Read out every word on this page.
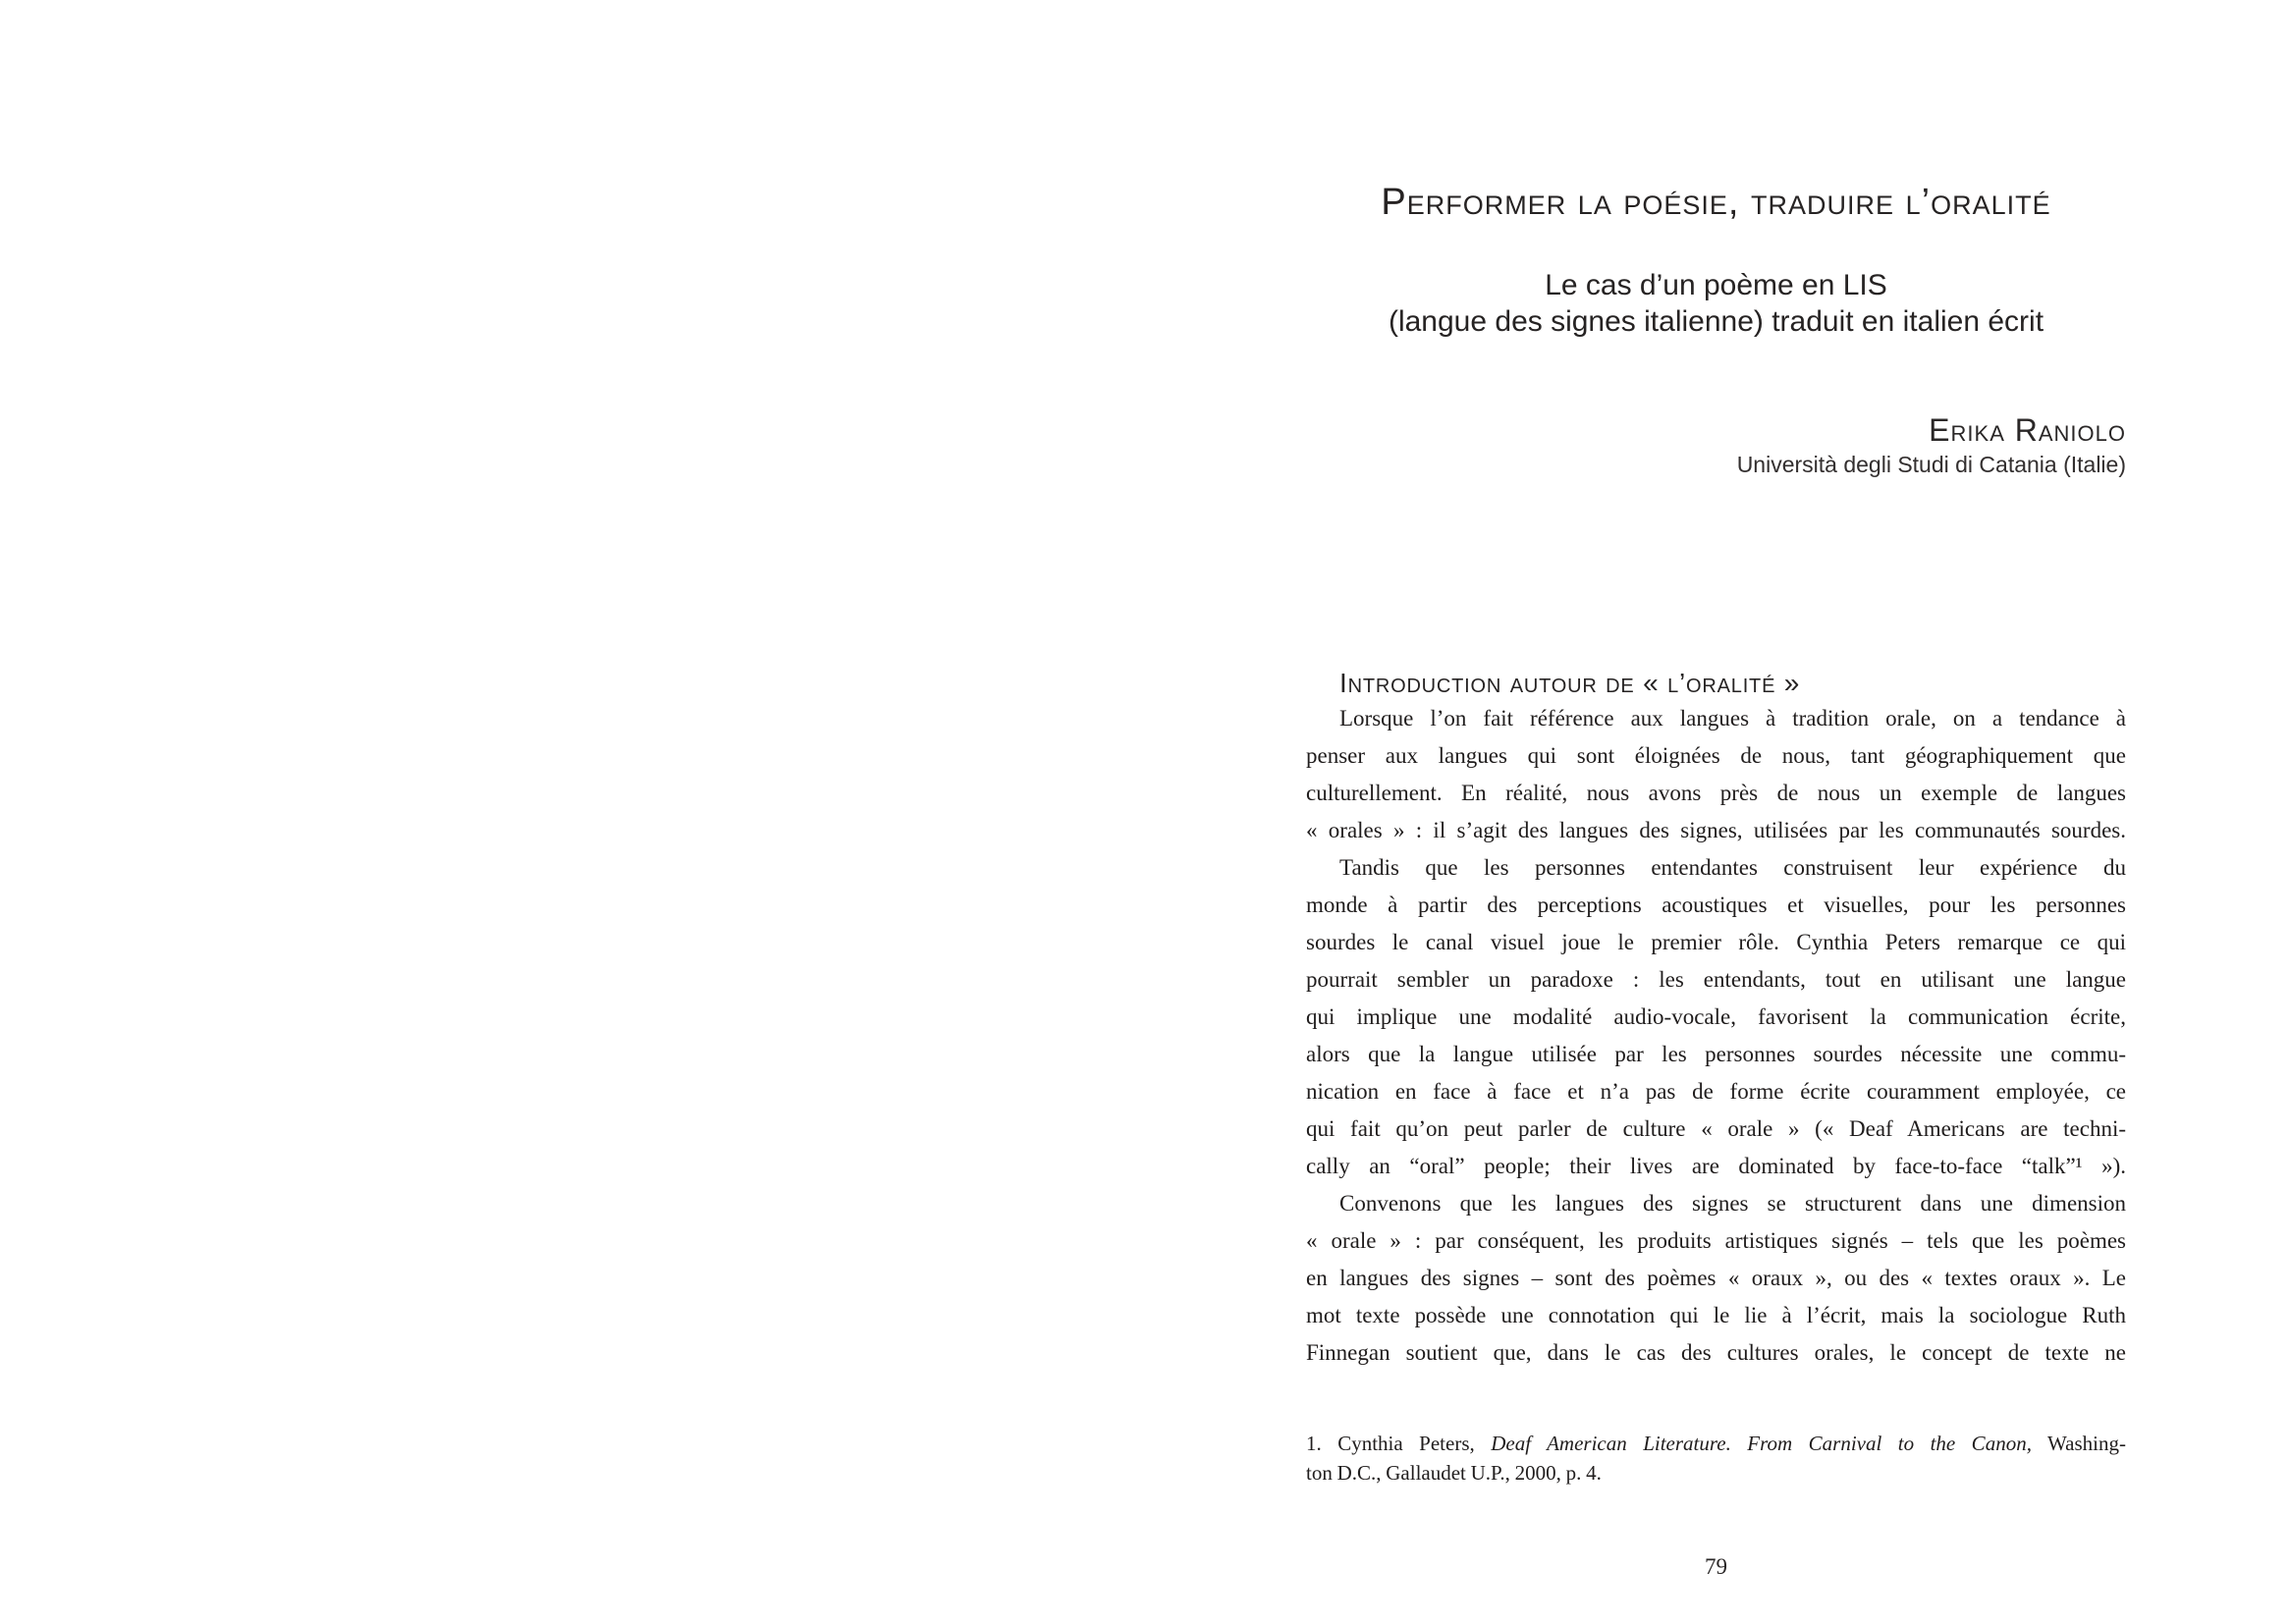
Performer la poésie, traduire l’oralité
Le cas d’un poème en LIS
(langue des signes italienne) traduit en italien écrit
Erika Raniolo
Università degli Studi di Catania (Italie)
Introduction autour de « l’oralité »
Lorsque l’on fait référence aux langues à tradition orale, on a tendance à
penser aux langues qui sont éloignées de nous, tant géographiquement que
culturellement. En réalité, nous avons près de nous un exemple de langues
« orales » : il s’agit des langues des signes, utilisées par les communautés sourdes.
Tandis que les personnes entendantes construisent leur expérience du
monde à partir des perceptions acoustiques et visuelles, pour les personnes
sourdes le canal visuel joue le premier rôle. Cynthia Peters remarque ce qui
pourrait sembler un paradoxe : les entendants, tout en utilisant une langue
qui implique une modalité audio-vocale, favorisent la communication écrite,
alors que la langue utilisée par les personnes sourdes nécessite une commu-
nication en face à face et n’a pas de forme écrite couramment employée, ce
qui fait qu’on peut parler de culture « orale » (« Deaf Americans are techni-
cally an “oral” people; their lives are dominated by face-to-face “talk”¹ »).
Convenons que les langues des signes se structurent dans une dimension
« orale » : par conséquent, les produits artistiques signés – tels que les poèmes
en langues des signes – sont des poèmes « oraux », ou des « textes oraux ». Le
mot texte possède une connotation qui le lie à l’écrit, mais la sociologue Ruth
Finnegan soutient que, dans le cas des cultures orales, le concept de texte ne
1. Cynthia Peters, Deaf American Literature. From Carnival to the Canon, Washing-
ton D.C., Gallaudet U.P., 2000, p. 4.
79
